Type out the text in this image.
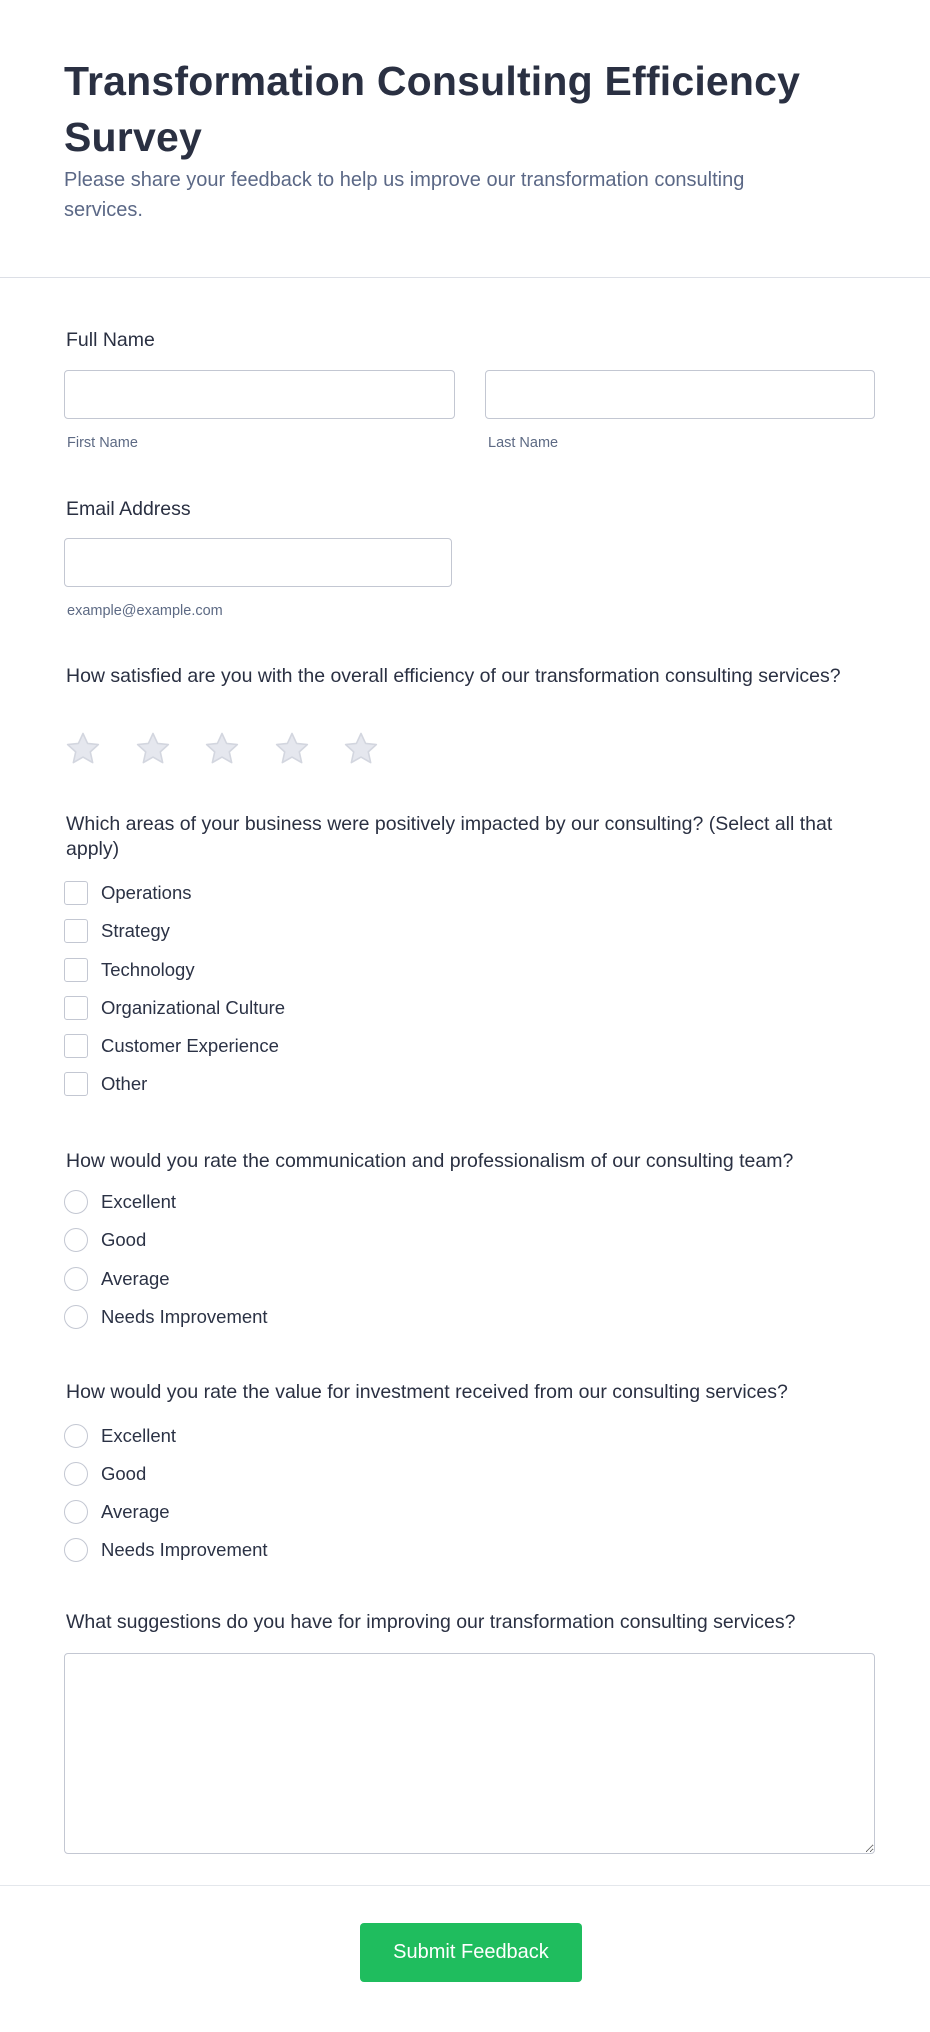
Transformation Consulting Efficiency Survey

Please share your feedback to help us improve our transformation consulting services.

Full Name
First Name	Last Name
Email Address
example@example.com
How satisfied are you with the overall efficiency of our transformation consulting services?
Which areas of your business were positively impacted by our consulting? (Select all that apply)
Operations
Strategy
Technology
Organizational Culture
Customer Experience
Other
How would you rate the communication and professionalism of our consulting team?
Excellent
Good
Average
Needs Improvement
How would you rate the value for investment received from our consulting services?
Excellent
Good
Average
Needs Improvement
What suggestions do you have for improving our transformation consulting services?
Submit Feedback
